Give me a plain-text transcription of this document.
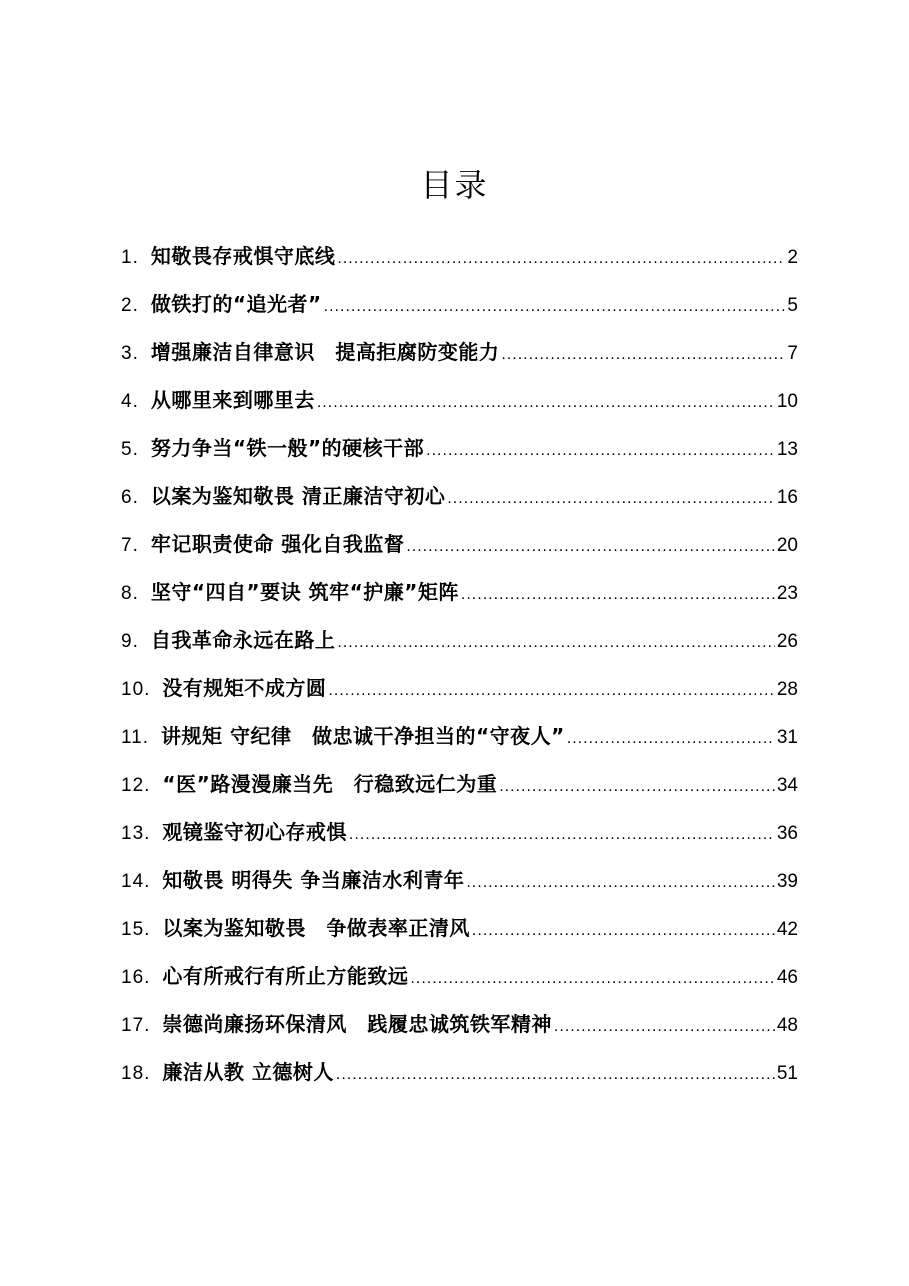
目录
1. 知敬畏存戒惧守底线 .....	2
2. 做铁打的“追光者” .....	5
3. 增强廉洁自律意识　提高拒腐防变能力 .....	7
4. 从哪里来到哪里去 .....	10
5. 努力争当“铁一般”的硬核干部 .....	13
6. 以案为鉴知敬畏 清正廉洁守初心 .....	16
7. 牢记职责使命 强化自我监督 .....	20
8. 坚守“四自”要诀 筑牢“护廉”矩阵 .....	23
9. 自我革命永远在路上 .....	26
10. 没有规矩不成方圆 .....	28
11. 讲规矩 守纪律　做忠诚干净担当的“守夜人” .....	31
12. “医”路漫漫廉当先　行稳致远仁为重 .....	34
13. 观镜鉴守初心存戒惧 .....	36
14. 知敬畏 明得失 争当廉洁水利青年 .....	39
15. 以案为鉴知敬畏　争做表率正清风 .....	42
16. 心有所戒行有所止方能致远 .....	46
17. 崇德尚廉扬环保清风　践履忠诚筑铁军精神 .....	48
18. 廉洁从教 立德树人 .....	51
